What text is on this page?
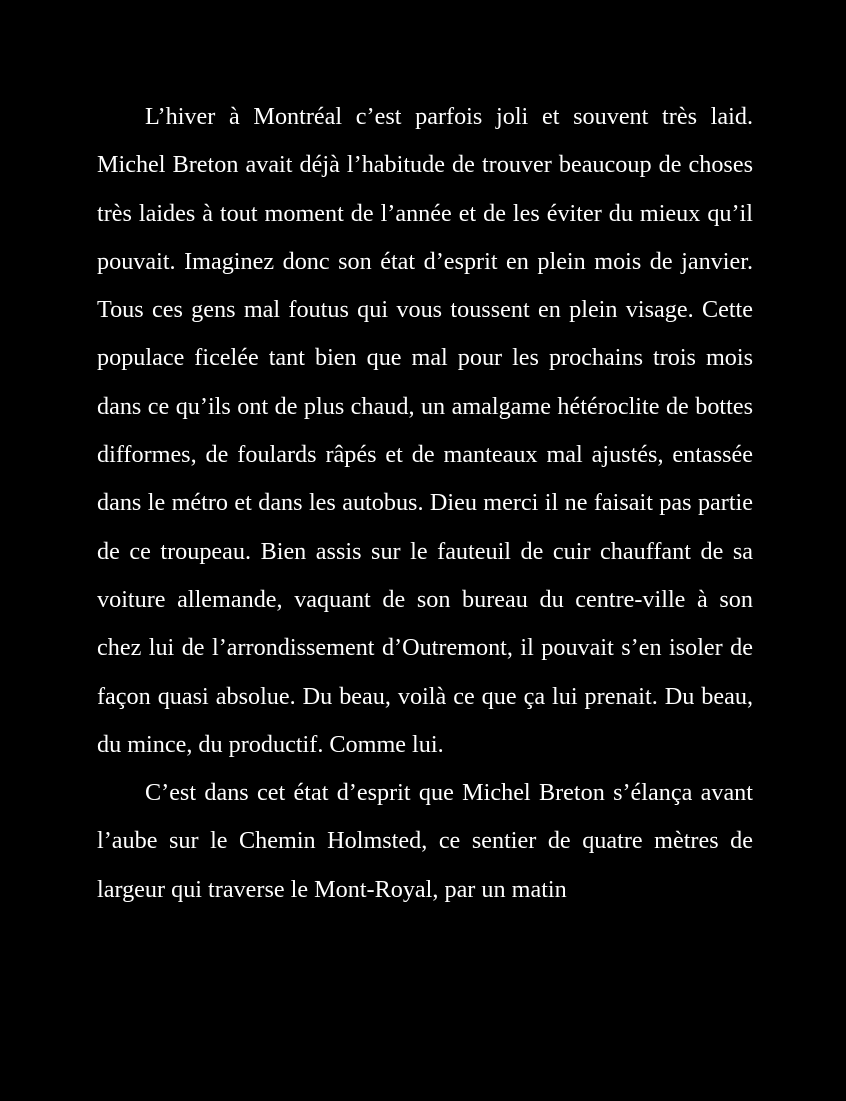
L’hiver à Montréal c’est parfois joli et souvent très laid. Michel Breton avait déjà l’habitude de trouver beaucoup de choses très laides à tout moment de l’année et de les éviter du mieux qu’il pouvait. Imaginez donc son état d’esprit en plein mois de janvier. Tous ces gens mal foutus qui vous toussent en plein visage. Cette populace ficelée tant bien que mal pour les prochains trois mois dans ce qu’ils ont de plus chaud, un amalgame hétéroclite de bottes difformes, de foulards râpés et de manteaux mal ajustés, entassée dans le métro et dans les autobus. Dieu merci il ne faisait pas partie de ce troupeau. Bien assis sur le fauteuil de cuir chauffant de sa voiture allemande, vaquant de son bureau du centre-ville à son chez lui de l’arrondissement d’Outremont, il pouvait s’en isoler de façon quasi absolue. Du beau, voilà ce que ça lui prenait. Du beau, du mince, du productif. Comme lui.

C’est dans cet état d’esprit que Michel Breton s’élança avant l’aube sur le Chemin Holmsted, ce sentier de quatre mètres de largeur qui traverse le Mont-Royal, par un matin
